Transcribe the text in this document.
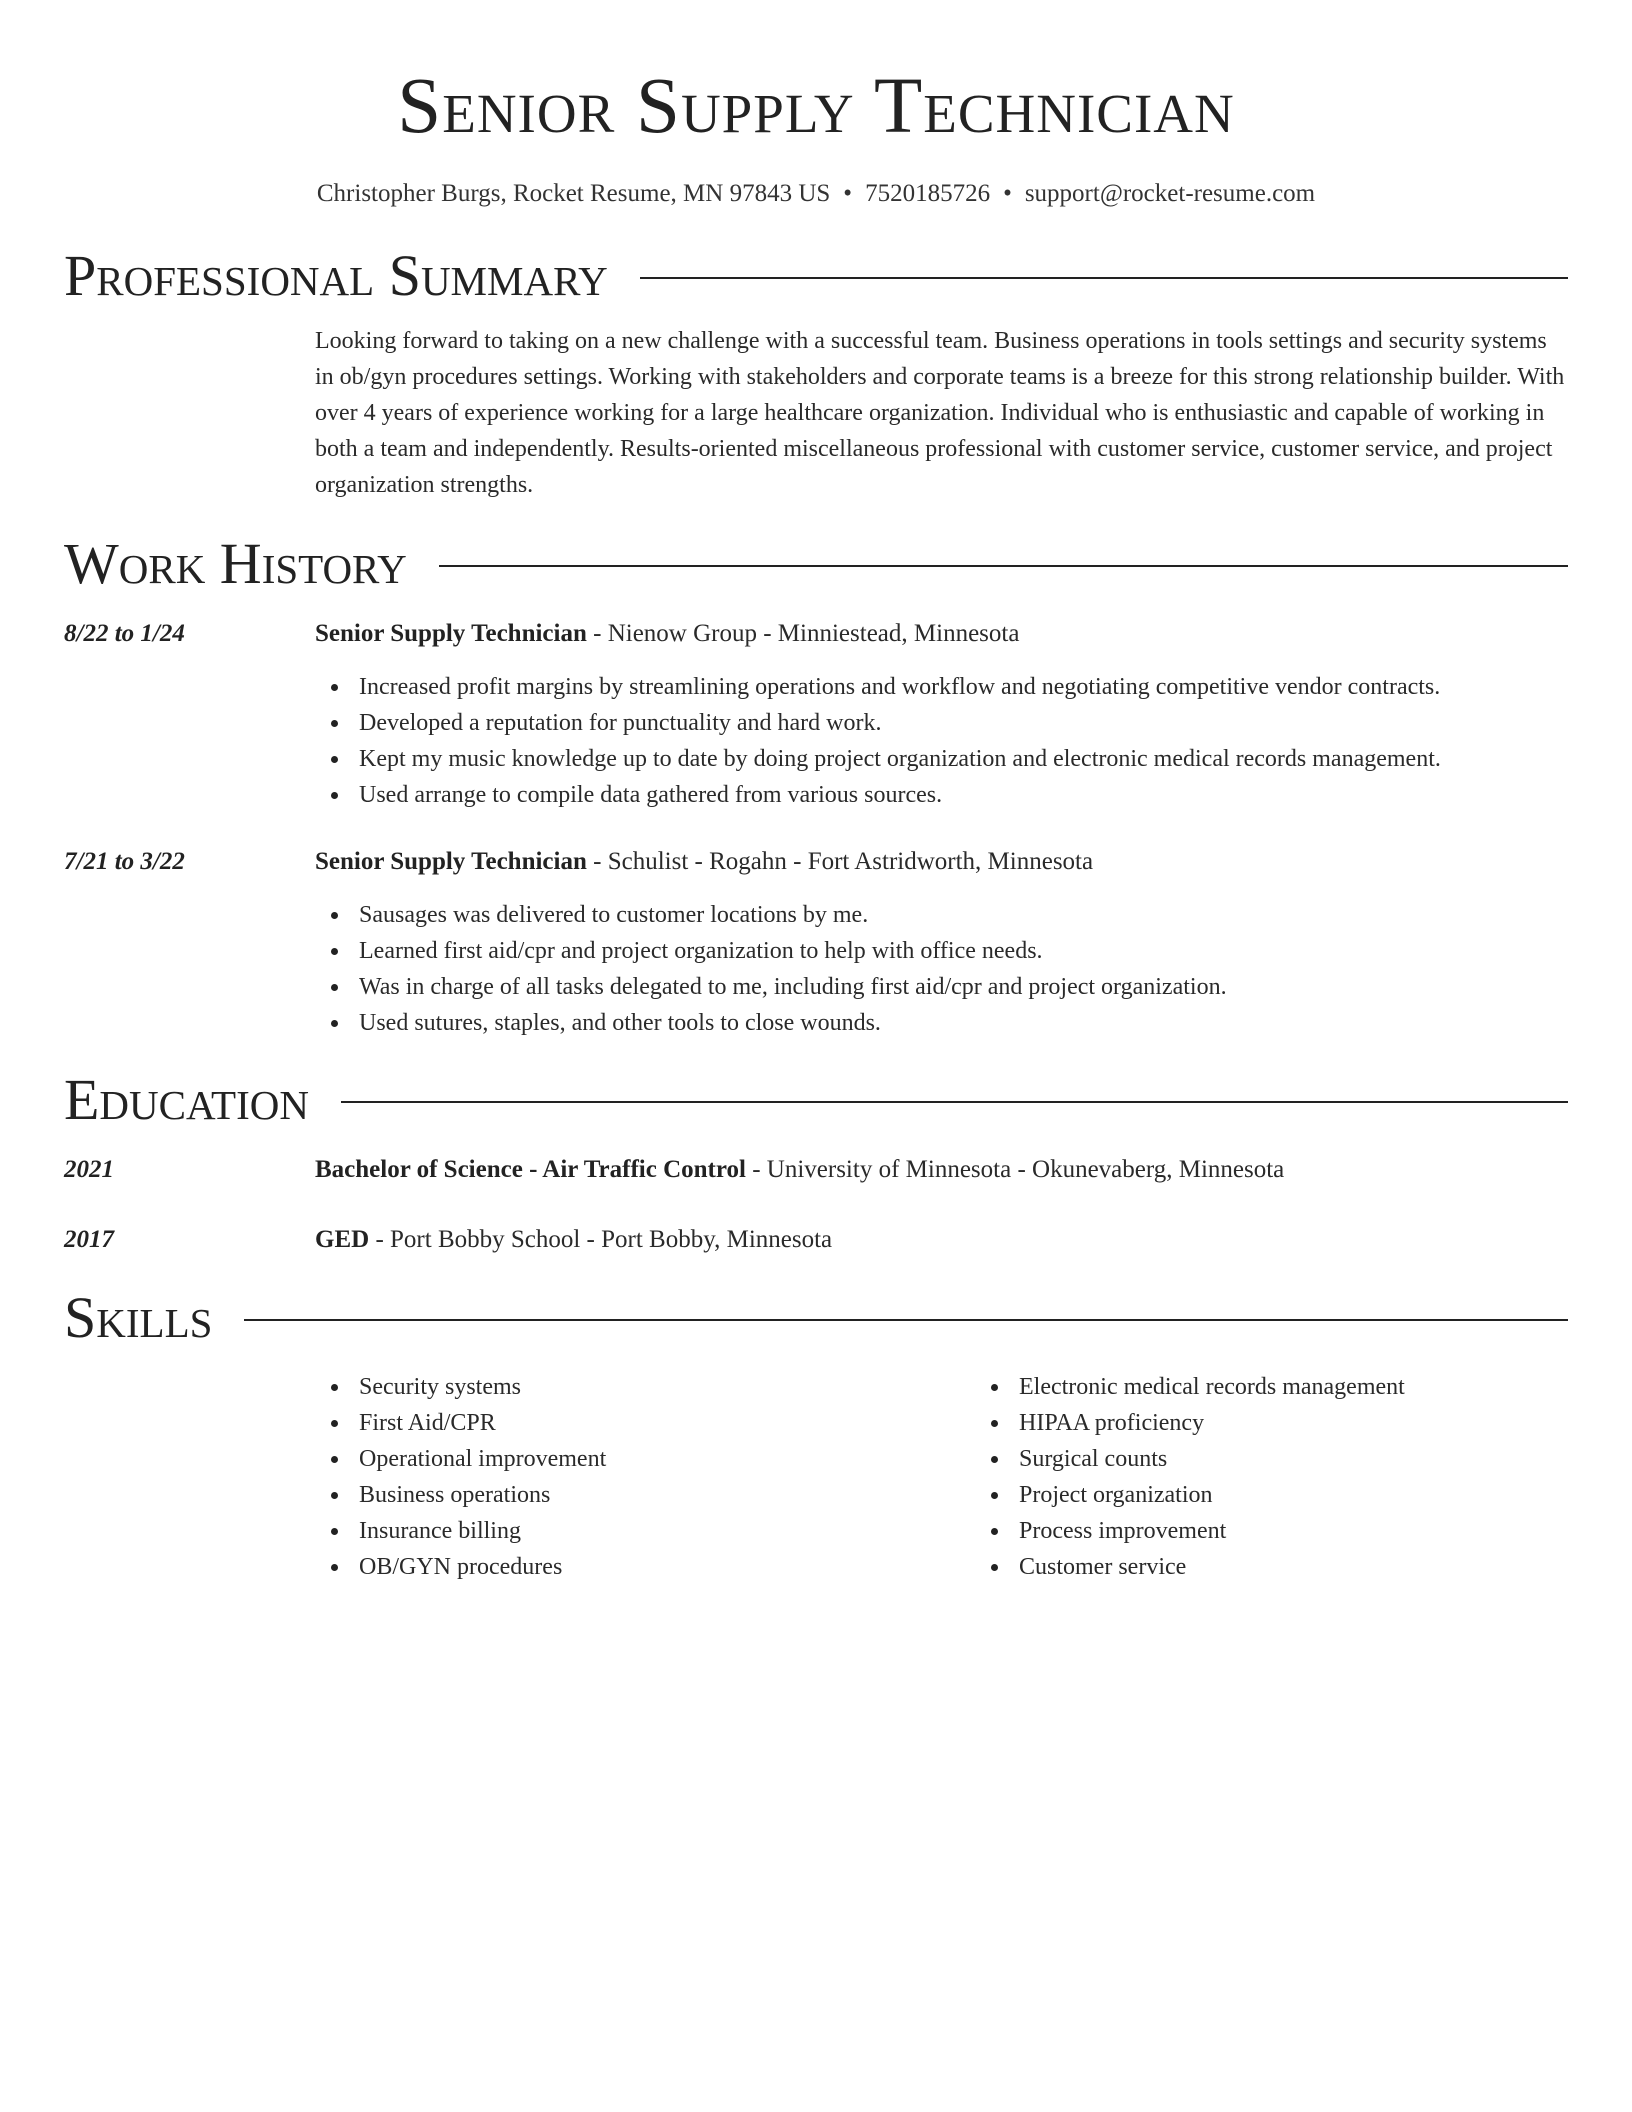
Senior Supply Technician
Christopher Burgs, Rocket Resume, MN 97843 US • 7520185726 • support@rocket-resume.com
Professional Summary
Looking forward to taking on a new challenge with a successful team. Business operations in tools settings and security systems in ob/gyn procedures settings. Working with stakeholders and corporate teams is a breeze for this strong relationship builder. With over 4 years of experience working for a large healthcare organization. Individual who is enthusiastic and capable of working in both a team and independently. Results-oriented miscellaneous professional with customer service, customer service, and project organization strengths.
Work History
8/22 to 1/24	Senior Supply Technician - Nienow Group - Minniestead, Minnesota
Increased profit margins by streamlining operations and workflow and negotiating competitive vendor contracts.
Developed a reputation for punctuality and hard work.
Kept my music knowledge up to date by doing project organization and electronic medical records management.
Used arrange to compile data gathered from various sources.
7/21 to 3/22	Senior Supply Technician - Schulist - Rogahn - Fort Astridworth, Minnesota
Sausages was delivered to customer locations by me.
Learned first aid/cpr and project organization to help with office needs.
Was in charge of all tasks delegated to me, including first aid/cpr and project organization.
Used sutures, staples, and other tools to close wounds.
Education
2021	Bachelor of Science - Air Traffic Control - University of Minnesota - Okunevaberg, Minnesota
2017	GED - Port Bobby School - Port Bobby, Minnesota
Skills
Security systems
First Aid/CPR
Operational improvement
Business operations
Insurance billing
OB/GYN procedures
Electronic medical records management
HIPAA proficiency
Surgical counts
Project organization
Process improvement
Customer service
